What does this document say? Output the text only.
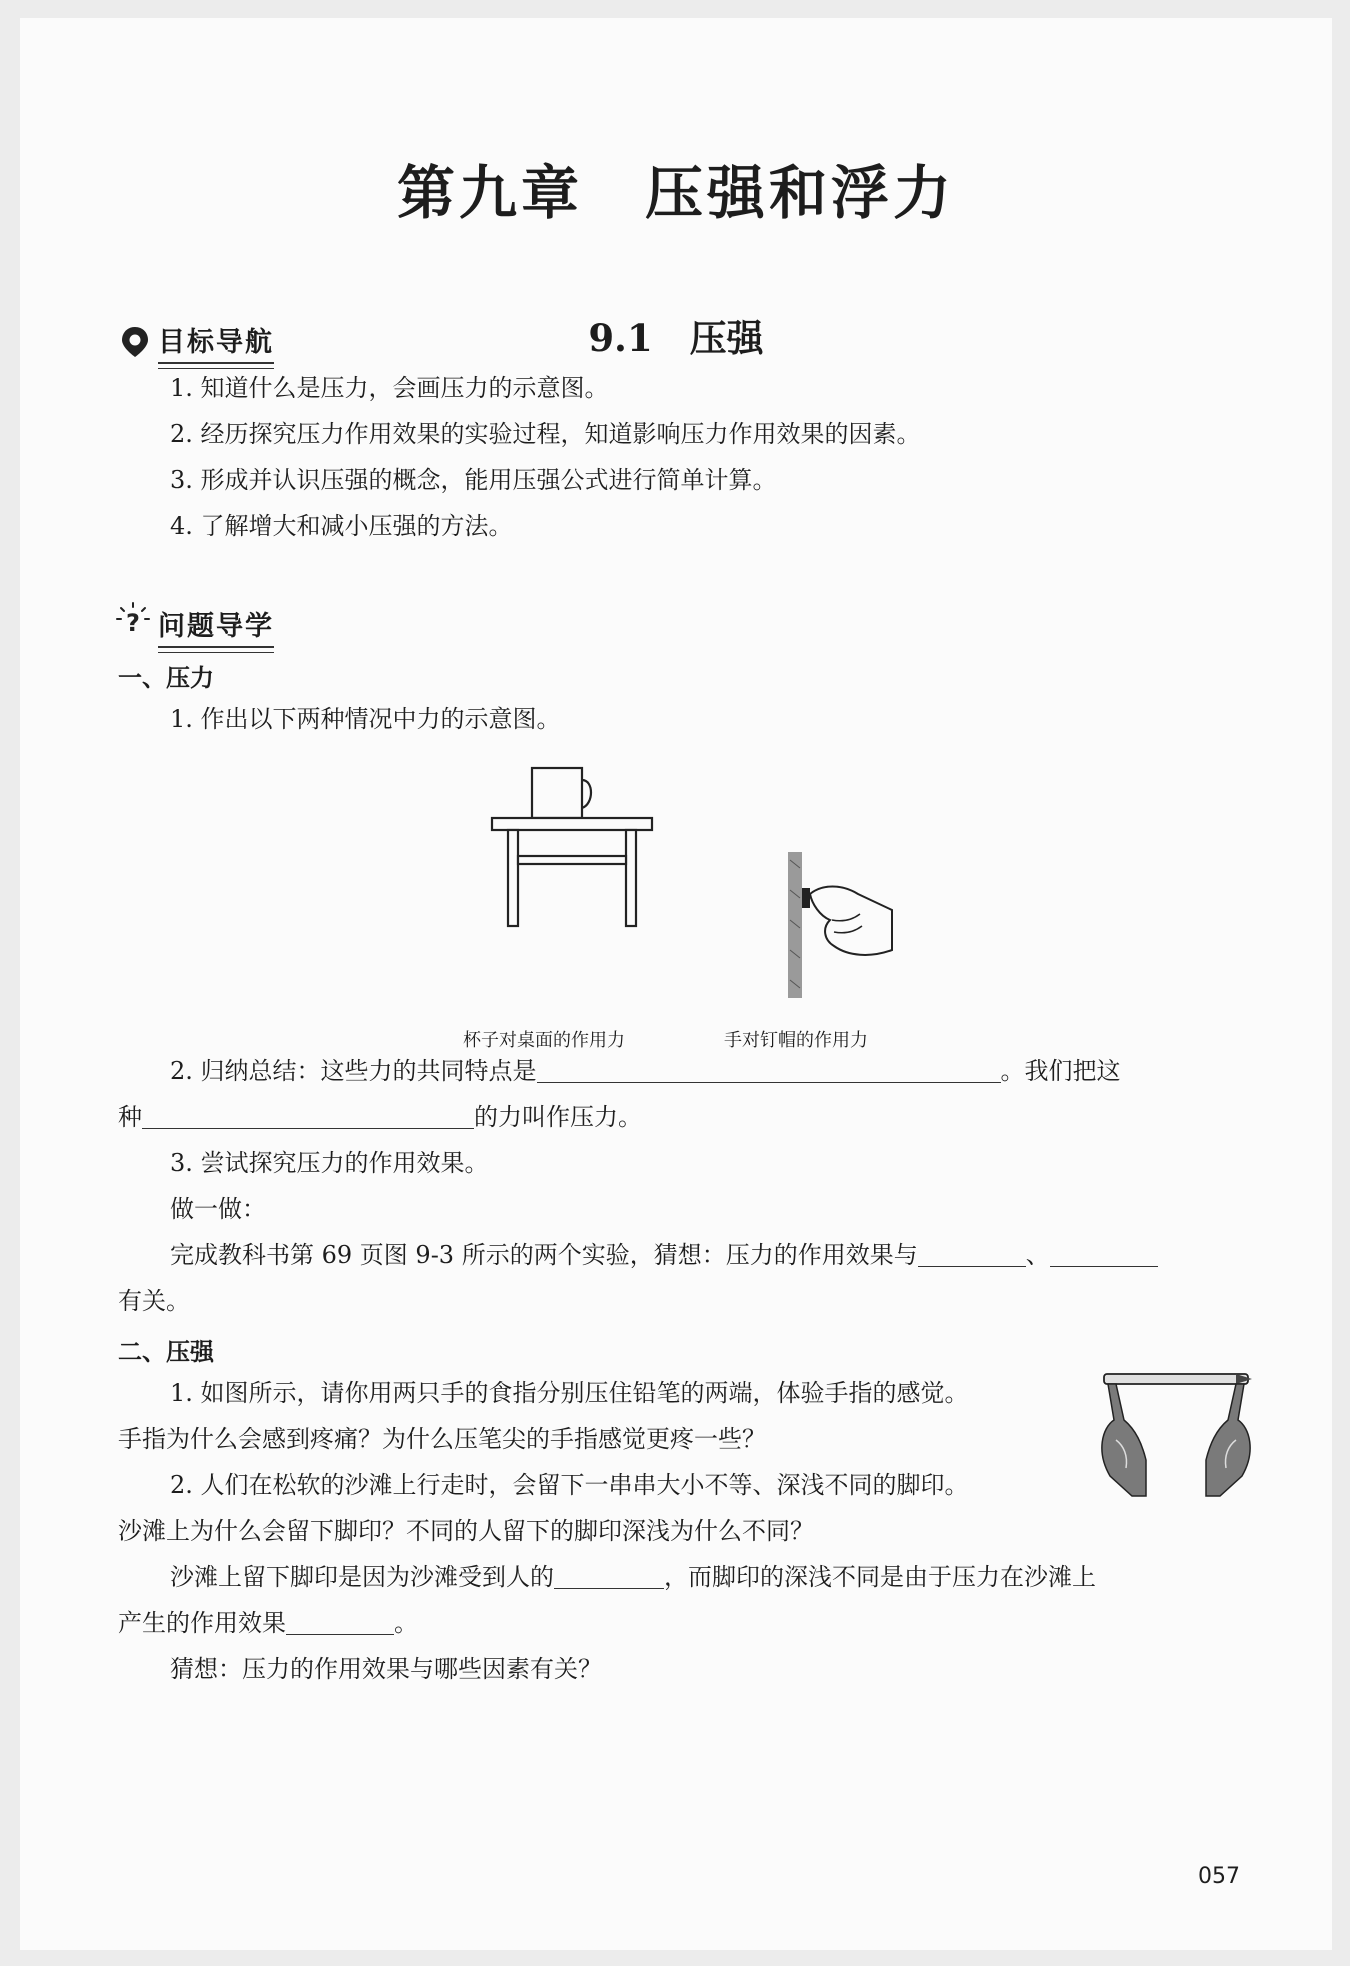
第九章　压强和浮力
9.1　压强
目标导航
1. 知道什么是压力，会画压力的示意图。
2. 经历探究压力作用效果的实验过程，知道影响压力作用效果的因素。
3. 形成并认识压强的概念，能用压强公式进行简单计算。
4. 了解增大和减小压强的方法。
? 问题导学
一、压力
1. 作出以下两种情况中力的示意图。
杯子对桌面的作用力	手对钉帽的作用力
2. 归纳总结：这些力的共同特点是	。我们把这
种	的力叫作压力。
3. 尝试探究压力的作用效果。
做一做：
完成教科书第 69 页图 9-3 所示的两个实验，猜想：压力的作用效果与	、
有关。
二、压强
1. 如图所示，请你用两只手的食指分别压住铅笔的两端，体验手指的感觉。
手指为什么会感到疼痛？为什么压笔尖的手指感觉更疼一些？
2. 人们在松软的沙滩上行走时，会留下一串串大小不等、深浅不同的脚印。
沙滩上为什么会留下脚印？不同的人留下的脚印深浅为什么不同？
沙滩上留下脚印是因为沙滩受到人的	，而脚印的深浅不同是由于压力在沙滩上
产生的作用效果	。
猜想：压力的作用效果与哪些因素有关？
057
